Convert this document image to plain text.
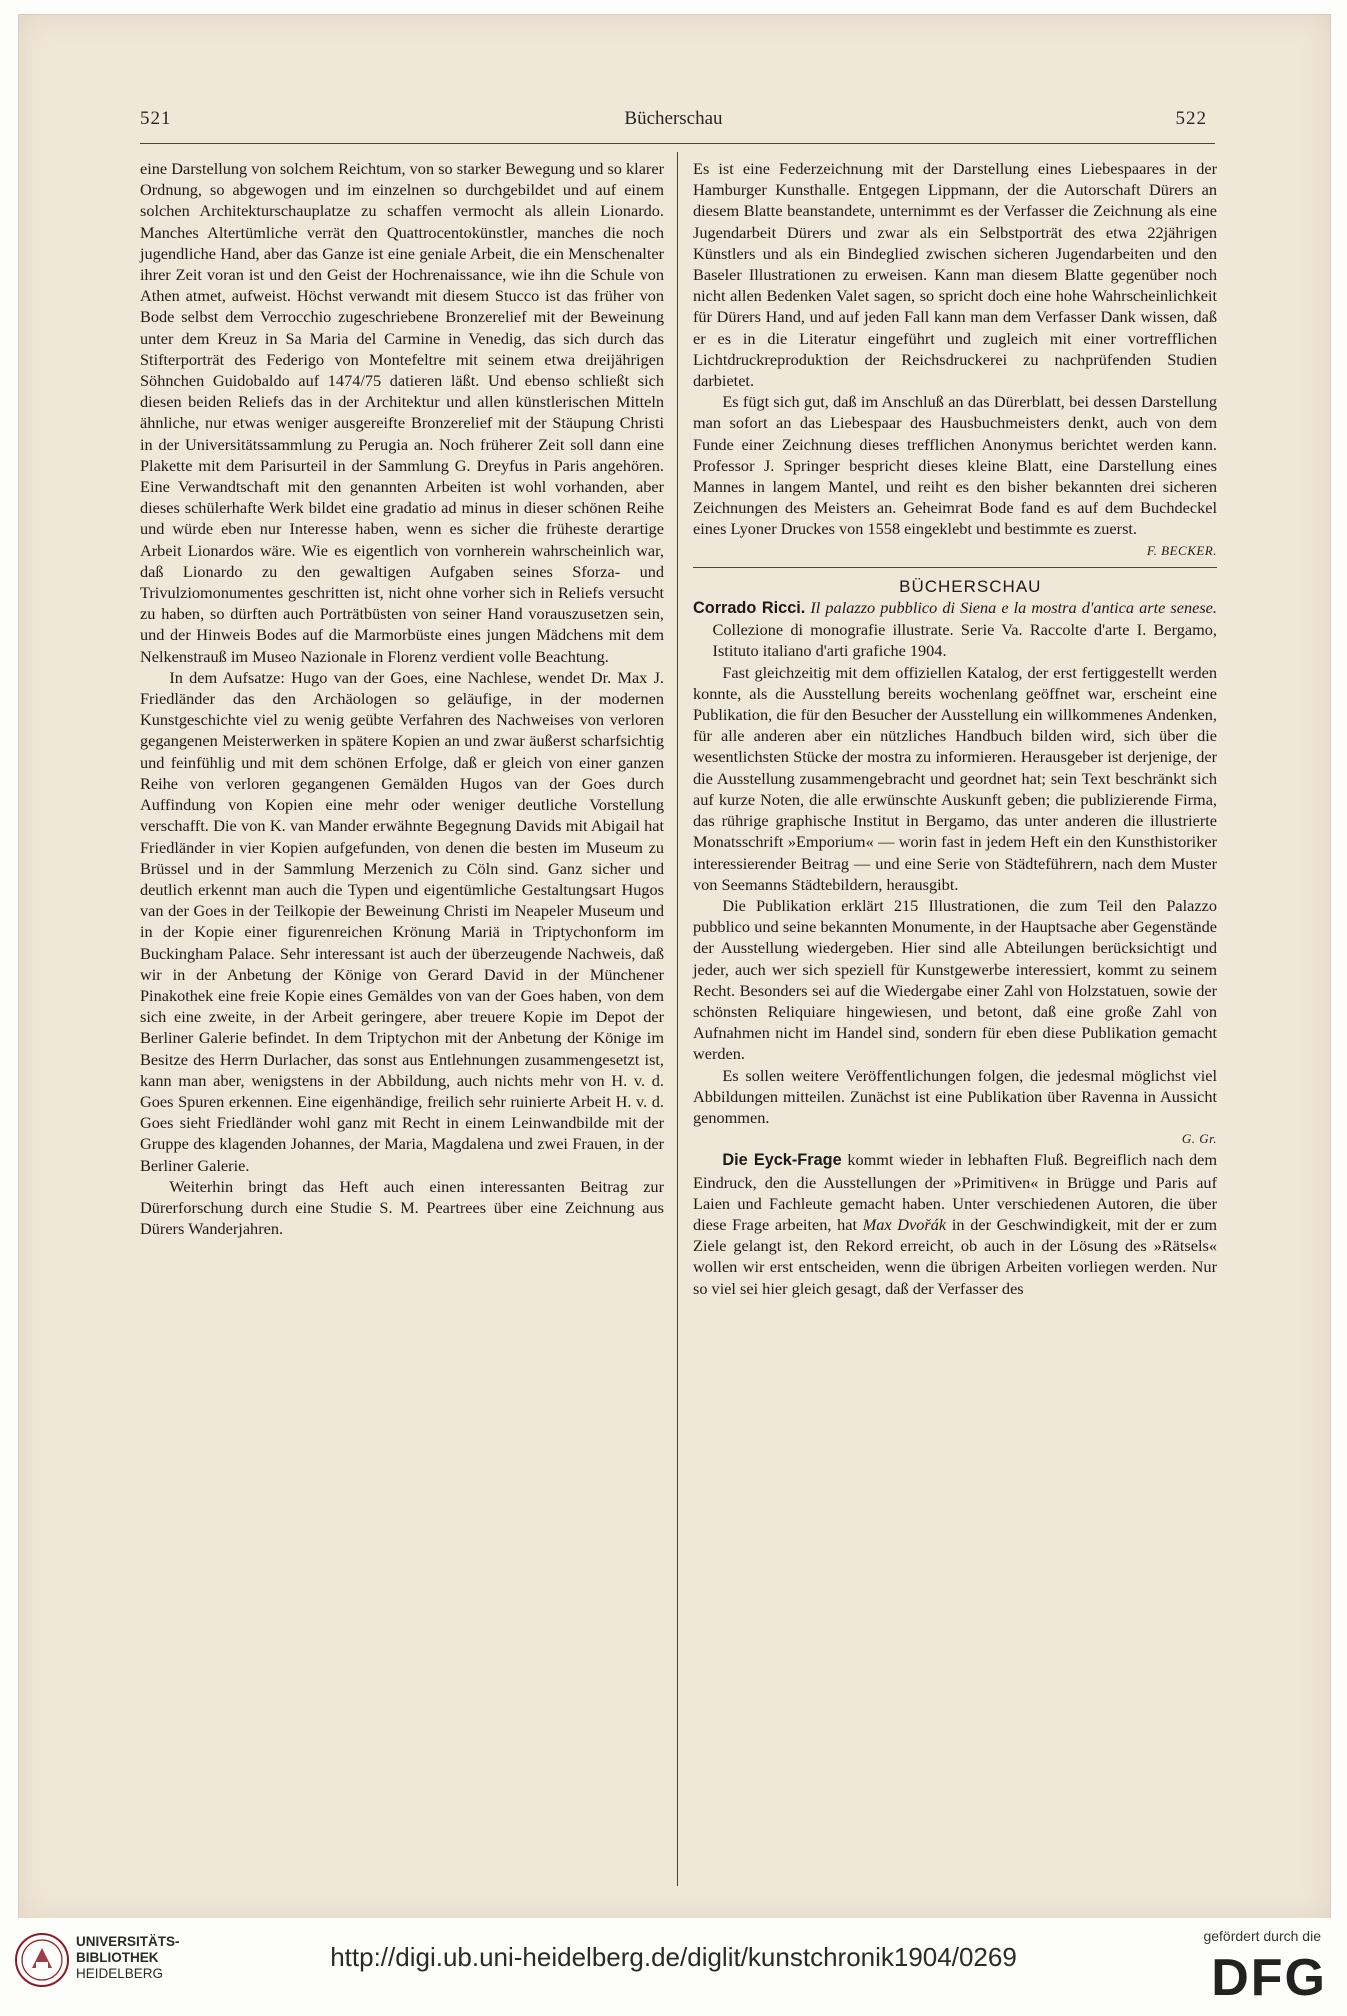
521	Bücherschau	522

eine Darstellung von solchem Reichtum, von so starker Bewegung und so klarer Ordnung, so abgewogen und im einzelnen so durchgebildet und auf einem solchen Architekturschauplatze zu schaffen vermocht als allein Lionardo. Manches Altertümliche verrät den Quattrocentokünstler, manches die noch jugendliche Hand, aber das Ganze ist eine geniale Arbeit, die ein Menschenalter ihrer Zeit voran ist und den Geist der Hochrenaissance, wie ihn die Schule von Athen atmet, aufweist. Höchst verwandt mit diesem Stucco ist das früher von Bode selbst dem Verrocchio zugeschriebene Bronzerelief mit der Beweinung unter dem Kreuz in Sa Maria del Carmine in Venedig, das sich durch das Stifterporträt des Federigo von Montefeltre mit seinem etwa dreijährigen Söhnchen Guidobaldo auf 1474/75 datieren läßt. Und ebenso schließt sich diesen beiden Reliefs das in der Architektur und allen künstlerischen Mitteln ähnliche, nur etwas weniger ausgereifte Bronzerelief mit der Stäupung Christi in der Universitätssammlung zu Perugia an. Noch früherer Zeit soll dann eine Plakette mit dem Parisurteil in der Sammlung G. Dreyfus in Paris angehören. Eine Verwandtschaft mit den genannten Arbeiten ist wohl vorhanden, aber dieses schülerhafte Werk bildet eine gradatio ad minus in dieser schönen Reihe und würde eben nur Interesse haben, wenn es sicher die früheste derartige Arbeit Lionardos wäre. Wie es eigentlich von vornherein wahrscheinlich war, daß Lionardo zu den gewaltigen Aufgaben seines Sforza- und Trivulziomonumentes geschritten ist, nicht ohne vorher sich in Reliefs versucht zu haben, so dürften auch Porträtbüsten von seiner Hand vorauszusetzen sein, und der Hinweis Bodes auf die Marmorbüste eines jungen Mädchens mit dem Nelkenstrauß im Museo Nazionale in Florenz verdient volle Beachtung.

In dem Aufsatze: Hugo van der Goes, eine Nachlese, wendet Dr. Max J. Friedländer das den Archäologen so geläufige, in der modernen Kunstgeschichte viel zu wenig geübte Verfahren des Nachweises von verloren gegangenen Meisterwerken in spätere Kopien an und zwar äußerst scharfsichtig und feinfühlig und mit dem schönen Erfolge, daß er gleich von einer ganzen Reihe von verloren gegangenen Gemälden Hugos van der Goes durch Auffindung von Kopien eine mehr oder weniger deutliche Vorstellung verschafft. Die von K. van Mander erwähnte Begegnung Davids mit Abigail hat Friedländer in vier Kopien aufgefunden, von denen die besten im Museum zu Brüssel und in der Sammlung Merzenich zu Cöln sind. Ganz sicher und deutlich erkennt man auch die Typen und eigentümliche Gestaltungsart Hugos van der Goes in der Teilkopie der Beweinung Christi im Neapeler Museum und in der Kopie einer figurenreichen Krönung Mariä in Triptychonform im Buckingham Palace. Sehr interessant ist auch der überzeugende Nachweis, daß wir in der Anbetung der Könige von Gerard David in der Münchener Pinakothek eine freie Kopie eines Gemäldes von van der Goes haben, von dem sich eine zweite, in der Arbeit geringere, aber treuere Kopie im Depot der Berliner Galerie befindet. In dem Triptychon mit der Anbetung der Könige im Besitze des Herrn Durlacher, das sonst aus Entlehnungen zusammengesetzt ist, kann man aber, wenigstens in der Abbildung, auch nichts mehr von H. v. d. Goes Spuren erkennen. Eine eigenhändige, freilich sehr ruinierte Arbeit H. v. d. Goes sieht Friedländer wohl ganz mit Recht in einem Leinwandbilde mit der Gruppe des klagenden Johannes, der Maria, Magdalena und zwei Frauen, in der Berliner Galerie.

Weiterhin bringt das Heft auch einen interessanten Beitrag zur Dürerforschung durch eine Studie S. M. Peartrees über eine Zeichnung aus Dürers Wanderjahren.

Es ist eine Federzeichnung mit der Darstellung eines Liebespaares in der Hamburger Kunsthalle. Entgegen Lippmann, der die Autorschaft Dürers an diesem Blatte beanstandete, unternimmt es der Verfasser die Zeichnung als eine Jugendarbeit Dürers und zwar als ein Selbstporträt des etwa 22jährigen Künstlers und als ein Bindeglied zwischen sicheren Jugendarbeiten und den Baseler Illustrationen zu erweisen. Kann man diesem Blatte gegenüber noch nicht allen Bedenken Valet sagen, so spricht doch eine hohe Wahrscheinlichkeit für Dürers Hand, und auf jeden Fall kann man dem Verfasser Dank wissen, daß er es in die Literatur eingeführt und zugleich mit einer vortrefflichen Lichtdruckreproduktion der Reichsdruckerei zu nachprüfenden Studien darbietet.

Es fügt sich gut, daß im Anschluß an das Dürerblatt, bei dessen Darstellung man sofort an das Liebespaar des Hausbuchmeisters denkt, auch von dem Funde einer Zeichnung dieses trefflichen Anonymus berichtet werden kann. Professor J. Springer bespricht dieses kleine Blatt, eine Darstellung eines Mannes in langem Mantel, und reiht es den bisher bekannten drei sicheren Zeichnungen des Meisters an. Geheimrat Bode fand es auf dem Buchdeckel eines Lyoner Druckes von 1558 eingeklebt und bestimmte es zuerst.

F. BECKER.

BÜCHERSCHAU

Corrado Ricci. Il palazzo pubblico di Siena e la mostra d'antica arte senese. Collezione di monografie illustrate. Serie Va. Raccolte d'arte I. Bergamo, Istituto italiano d'arti grafiche 1904.

Fast gleichzeitig mit dem offiziellen Katalog, der erst fertiggestellt werden konnte, als die Ausstellung bereits wochenlang geöffnet war, erscheint eine Publikation, die für den Besucher der Ausstellung ein willkommenes Andenken, für alle anderen aber ein nützliches Handbuch bilden wird, sich über die wesentlichsten Stücke der mostra zu informieren. Herausgeber ist derjenige, der die Ausstellung zusammengebracht und geordnet hat; sein Text beschränkt sich auf kurze Noten, die alle erwünschte Auskunft geben; die publizierende Firma, das rührige graphische Institut in Bergamo, das unter anderen die illustrierte Monatsschrift »Emporium« — worin fast in jedem Heft ein den Kunsthistoriker interessierender Beitrag — und eine Serie von Städteführern, nach dem Muster von Seemanns Städtebildern, herausgibt.

Die Publikation erklärt 215 Illustrationen, die zum Teil den Palazzo pubblico und seine bekannten Monumente, in der Hauptsache aber Gegenstände der Ausstellung wiedergeben. Hier sind alle Abteilungen berücksichtigt und jeder, auch wer sich speziell für Kunstgewerbe interessiert, kommt zu seinem Recht. Besonders sei auf die Wiedergabe einer Zahl von Holzstatuen, sowie der schönsten Reliquiare hingewiesen, und betont, daß eine große Zahl von Aufnahmen nicht im Handel sind, sondern für eben diese Publikation gemacht werden.

Es sollen weitere Veröffentlichungen folgen, die jedesmal möglichst viel Abbildungen mitteilen. Zunächst ist eine Publikation über Ravenna in Aussicht genommen.

G. Gr.

Die Eyck-Frage kommt wieder in lebhaften Fluß. Begreiflich nach dem Eindruck, den die Ausstellungen der »Primitiven« in Brügge und Paris auf Laien und Fachleute gemacht haben. Unter verschiedenen Autoren, die über diese Frage arbeiten, hat Max Dvořák in der Geschwindigkeit, mit der er zum Ziele gelangt ist, den Rekord erreicht, ob auch in der Lösung des »Rätsels« wollen wir erst entscheiden, wenn die übrigen Arbeiten vorliegen werden. Nur so viel sei hier gleich gesagt, daß der Verfasser des

UNIVERSITÄTS-
BIBLIOTHEK
HEIDELBERG
http://digi.ub.uni-heidelberg.de/diglit/kunstchronik1904/0269
gefördert durch die
DFG
